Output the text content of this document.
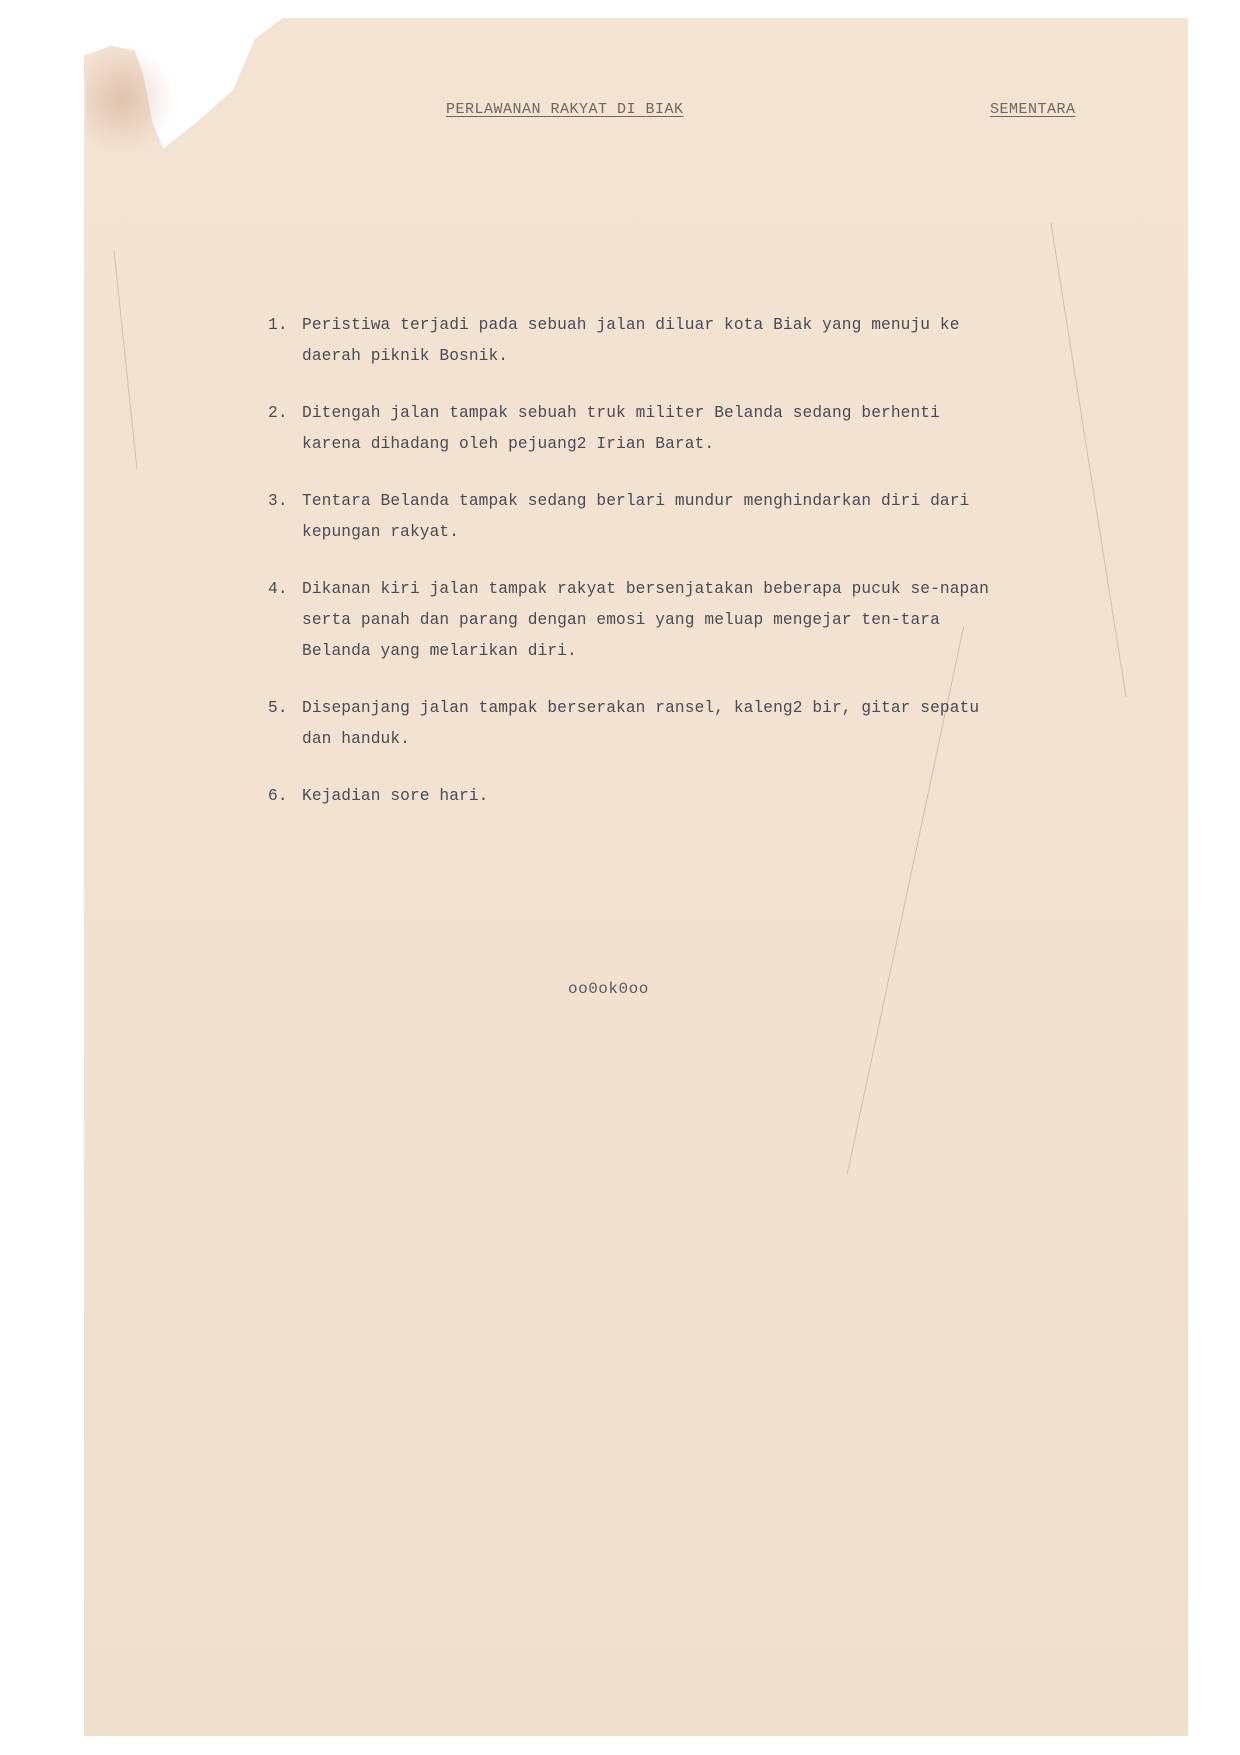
PERLAWANAN RAKYAT DI BIAK	SEMENTARA
1. Peristiwa terjadi pada sebuah jalan diluar kota Biak yang menuju ke daerah piknik Bosnik.
2. Ditengah jalan tampak sebuah truk militer Belanda sedang berhenti karena dihadang oleh pejuang2 Irian Barat.
3. Tentara Belanda tampak sedang berlari mundur menghindarkan diri dari kepungan rakyat.
4. Dikanan kiri jalan tampak rakyat bersenjatakan beberapa pucuk se-napan serta panah dan parang dengan emosi yang meluap mengejar ten-tara Belanda yang melarikan diri.
5. Disepanjang jalan tampak berserakan ransel, kaleng2 bir, gitar sepatu dan handuk.
6. Kejadian sore hari.
oo0ok0oo
